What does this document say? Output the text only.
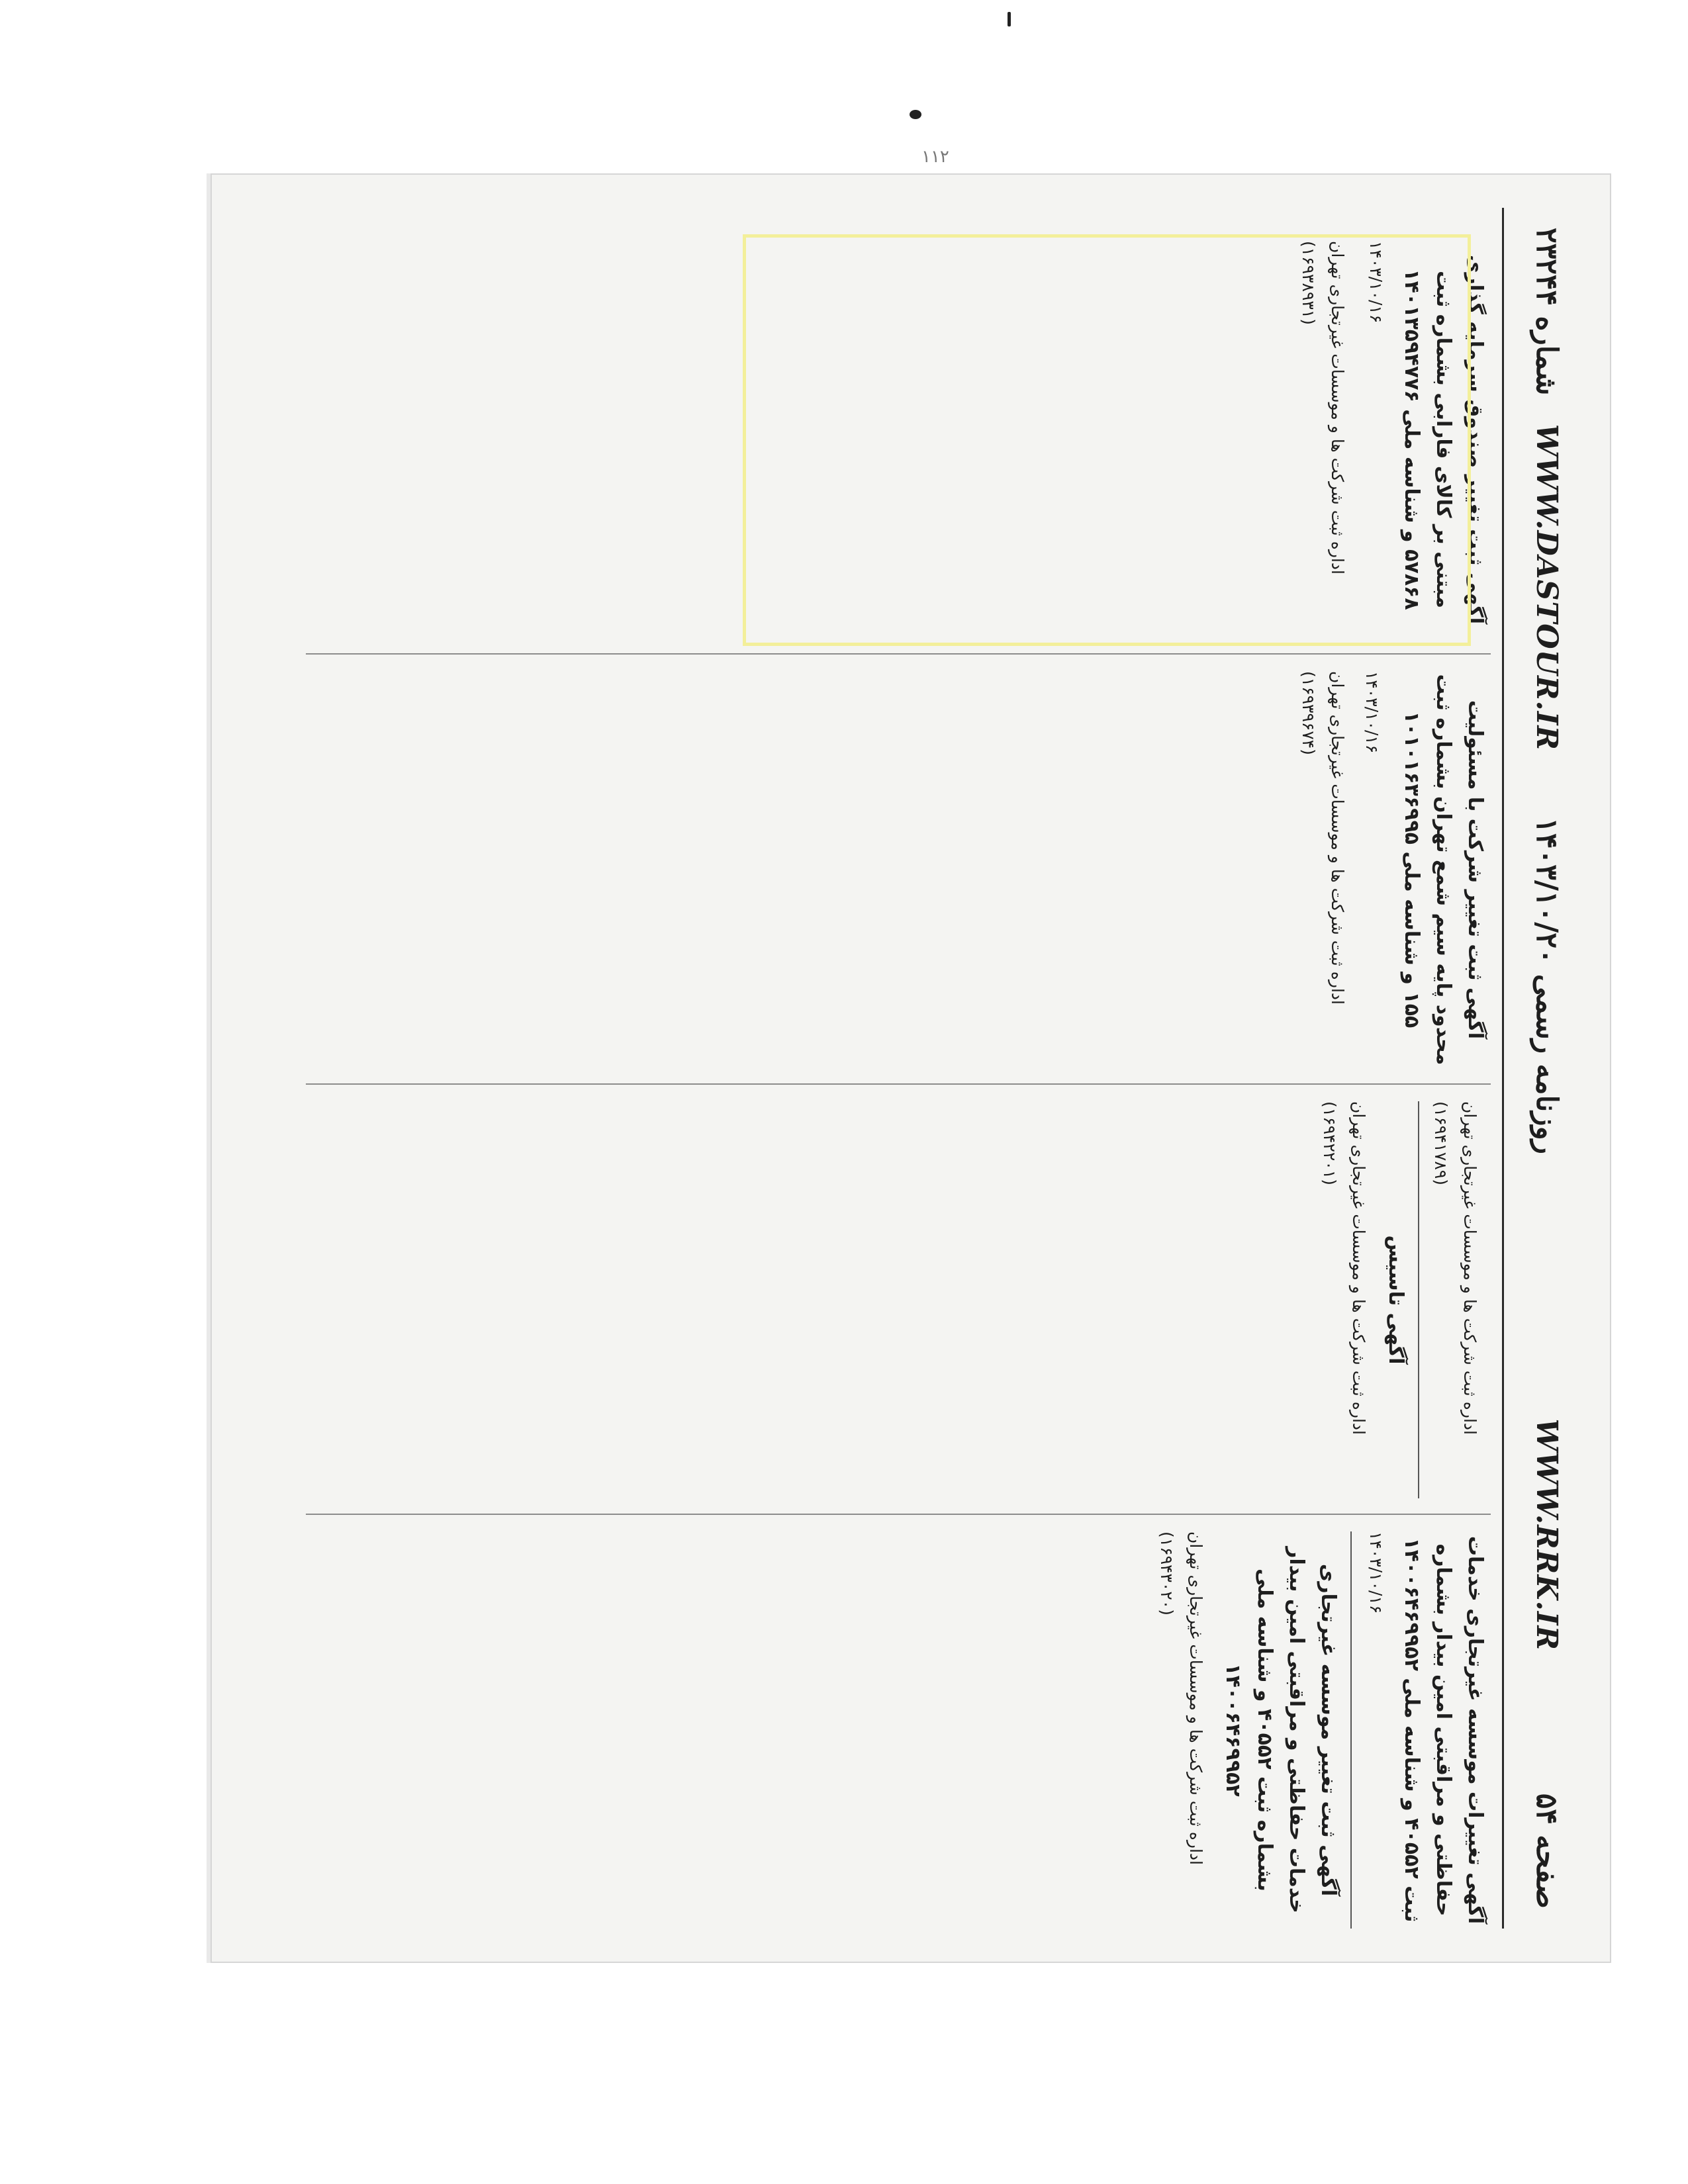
۱۱۲
صفحه ۵۴
WWW.RRK.IR
روزنامه رسمی ۱۴۰۳/۱۰/۲۰
WWW.DASTOUR.IR
شماره ۲۳۲۴۴
آگهی تغییرات موسسه غیرتجاری خدمات حفاظتی و مراقبتی امین بیدار بشماره ثبت ۴۰۵۵۲ و شناسه ملی ۱۴۰۰۶۴۶۹۹۵۲
۱۴۰۳/۱۰/۱۶
آگهی ثبت تغییر موسسه غیرتجاری خدمات حفاظتی و مراقبتی امین بیدار بشماره ثبت ۴۰۵۵۲ و شناسه ملی ۱۴۰۰۶۴۶۹۹۵۲
اداره ثبت شرکت ها و موسسات غیرتجاری تهران (۱۶۹۴۳۰۲۰)
اداره ثبت شرکت ها و موسسات غیرتجاری تهران (۱۶۹۴۱۷۸۹)
آگهی تاسیس
اداره ثبت شرکت ها و موسسات غیرتجاری تهران (۱۶۹۴۲۲۰۱)
آگهی ثبت تغییر شرکت با مسئولیت محدود پایه سیم شمع تهران بشماره ثبت ۱۵۵ و شناسه ملی ۱۰۱۰۱۶۳۶۹۹۵
۱۴۰۳/۱۰/۱۶
اداره ثبت شرکت ها و موسسات غیرتجاری تهران (۱۶۹۳۹۶۷۴)
آگهی ثبت تغییر صندوق سرمایه گذاری مبتنی بر کالای فارابی بشماره ثبت ۵۷۸۶۸ و شناسه ملی ۱۴۰۱۳۵۹۴۷۷۶
۱۴۰۳/۱۰/۱۶
اداره ثبت شرکت ها و موسسات غیرتجاری تهران (۱۶۹۳۸۹۳۱)
